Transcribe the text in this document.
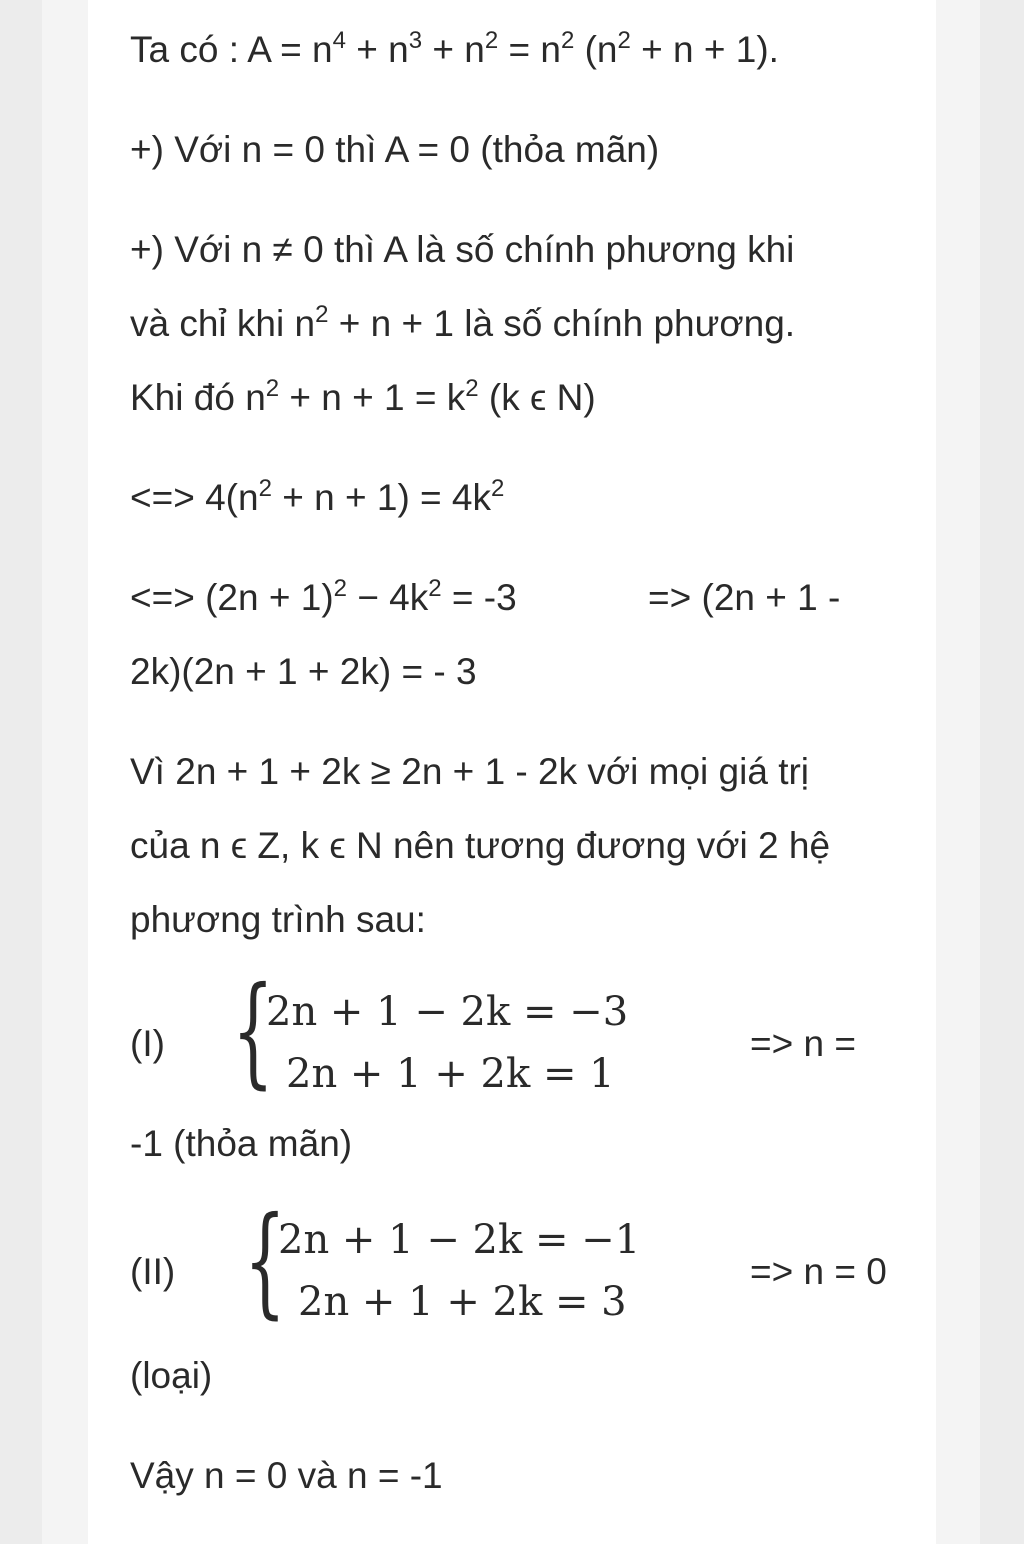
Ta có : $A = n^4 + n^3 + n^2 = n^2$ $(n^2 + n + 1)$.
+) Với n = 0 thì A = 0 (thỏa mãn)
+) Với n ≠ 0 thì A là số chính phương khi
và chỉ khi $n^2 + n + 1$ là số chính phương.
Khi đó $n^2 + n + 1 = k^2$ (k ϵ N)
<=> $4(n^2 + n + 1) = 4k^2$
<=> $(2n + 1)^2 - 4k^2 = -3$	=> (2n + 1 -
2k)(2n + 1 + 2k) = - 3
Vì 2n + 1 + 2k ≥ 2n + 1 - 2k với mọi giá trị
của n ϵ Z, k ϵ N nên tương đương với 2 hệ
phương trình sau:
(I) {
2n + 1 − 2k = −3
2n + 1 + 2k = 1
=> n =
-1 (thỏa mãn)
(II) {
2n + 1 − 2k = −1
2n + 1 + 2k = 3
=> n = 0
(loại)
Vậy n = 0 và n = -1
